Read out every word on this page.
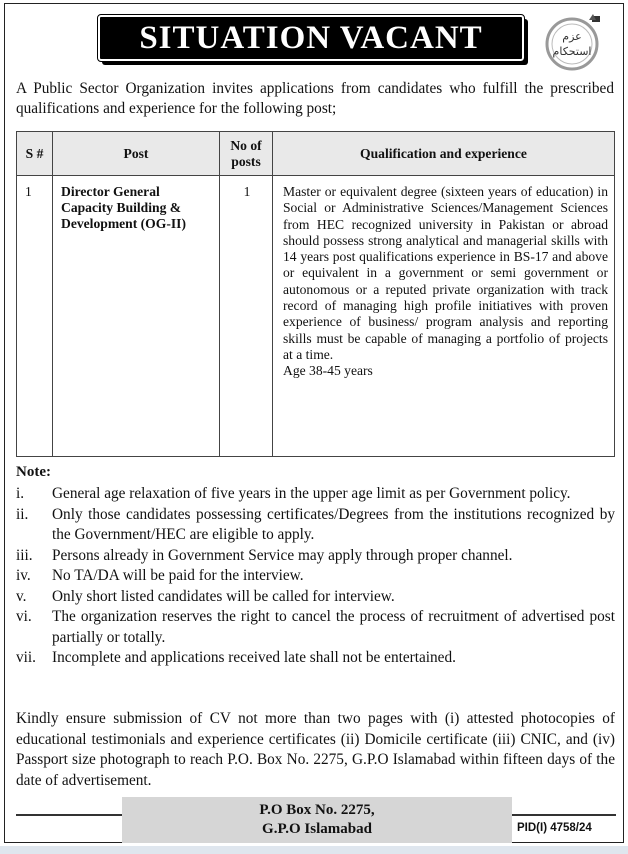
SITUATION VACANT	عزم
استحکام

A Public Sector Organization invites applications from candidates who fulfill the prescribed qualifications and experience for the following post;

S #	Post	No of posts	Qualification and experience

1	Director General Capacity Building & Development (OG-II)	1	Master or equivalent degree (sixteen years of education) in Social or Administrative Sciences/Management Sciences from HEC recognized university in Pakistan or abroad should possess strong analytical and managerial skills with 14 years post qualifications experience in BS-17 and above or equivalent in a government or semi government or autonomous or a reputed private organization with track record of managing high profile initiatives with proven experience of business/ program analysis and reporting skills must be capable of managing a portfolio of projects at a time.
Age 38-45 years
Note:
i.	General age relaxation of five years in the upper age limit as per Government policy.
ii.	Only those candidates possessing certificates/Degrees from the institutions recognized by the Government/HEC are eligible to apply.
iii.	Persons already in Government Service may apply through proper channel.
iv.	No TA/DA will be paid for the interview.
v.	Only short listed candidates will be called for interview.
vi.	The organization reserves the right to cancel the process of recruitment of advertised post partially or totally.
vii.	Incomplete and applications received late shall not be entertained.

Kindly ensure submission of CV not more than two pages with (i) attested photocopies of educational testimonials and experience certificates (ii) Domicile certificate (iii) CNIC, and (iv) Passport size photograph to reach P.O. Box No. 2275, G.P.O Islamabad within fifteen days of the date of advertisement.

P.O Box No. 2275,
G.P.O Islamabad	PID(I) 4758/24
